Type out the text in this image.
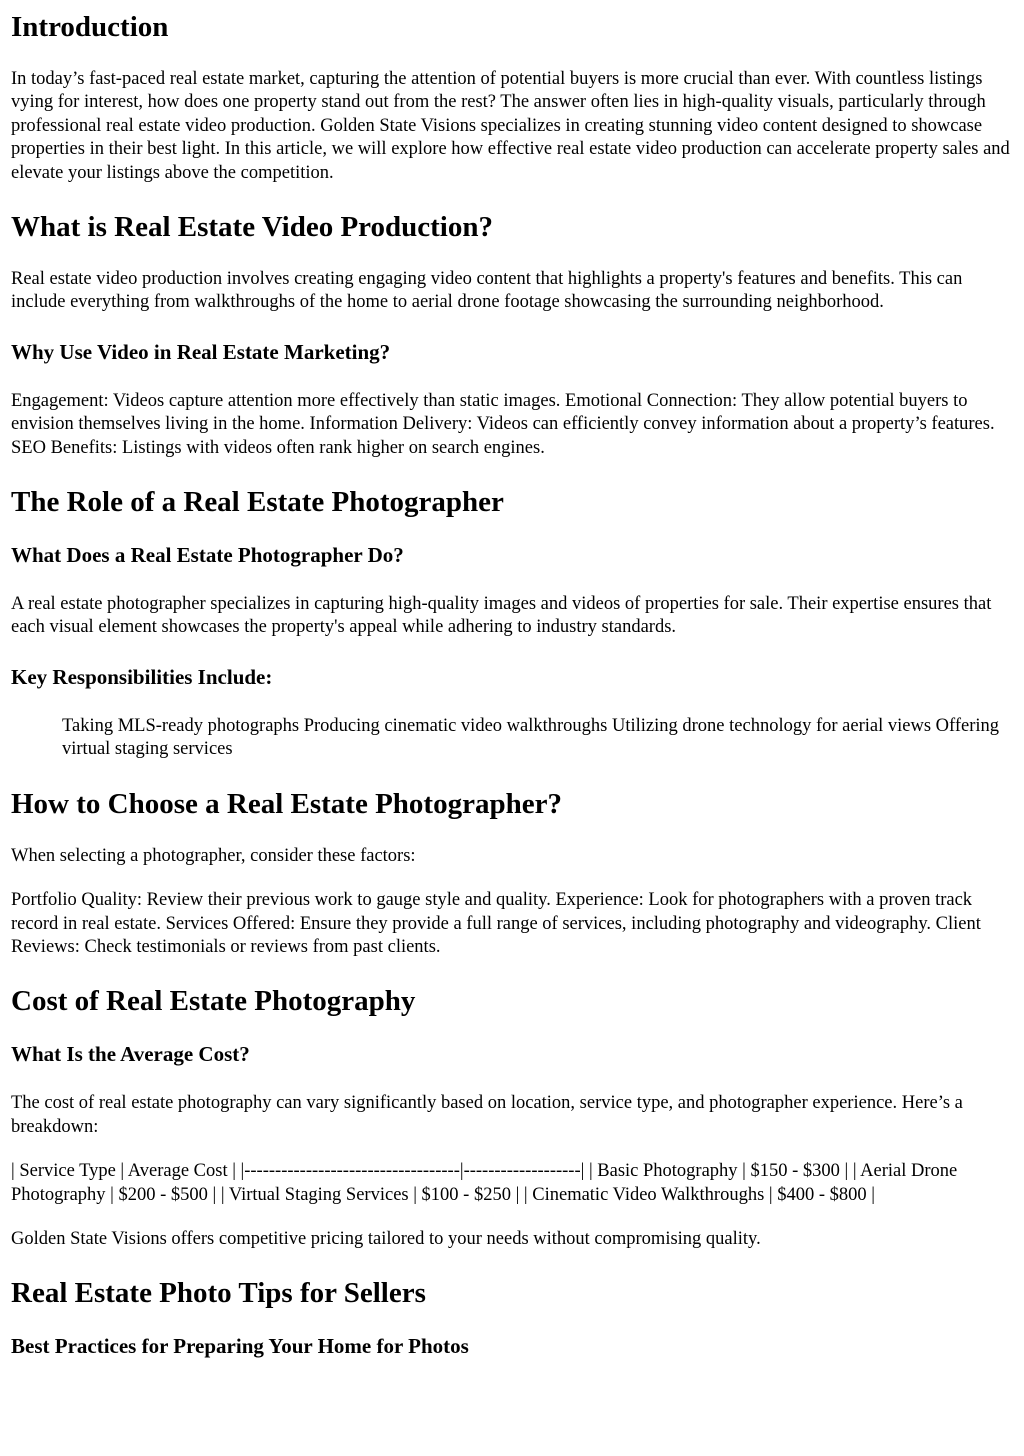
Introduction

In today’s fast-paced real estate market, capturing the attention of potential buyers is more crucial than ever. With countless listings vying for interest, how does one property stand out from the rest? The answer often lies in high-quality visuals, particularly through professional real estate video production. Golden State Visions specializes in creating stunning video content designed to showcase properties in their best light. In this article, we will explore how effective real estate video production can accelerate property sales and elevate your listings above the competition.

What is Real Estate Video Production?

Real estate video production involves creating engaging video content that highlights a property's features and benefits. This can include everything from walkthroughs of the home to aerial drone footage showcasing the surrounding neighborhood.

Why Use Video in Real Estate Marketing?

Engagement: Videos capture attention more effectively than static images. Emotional Connection: They allow potential buyers to envision themselves living in the home. Information Delivery: Videos can efficiently convey information about a property’s features. SEO Benefits: Listings with videos often rank higher on search engines.

The Role of a Real Estate Photographer
What Does a Real Estate Photographer Do?

A real estate photographer specializes in capturing high-quality images and videos of properties for sale. Their expertise ensures that each visual element showcases the property's appeal while adhering to industry standards.

Key Responsibilities Include:
Taking MLS-ready photographs Producing cinematic video walkthroughs Utilizing drone technology for aerial views Offering virtual staging services
How to Choose a Real Estate Photographer?

When selecting a photographer, consider these factors:

Portfolio Quality: Review their previous work to gauge style and quality. Experience: Look for photographers with a proven track record in real estate. Services Offered: Ensure they provide a full range of services, including photography and videography. Client Reviews: Check testimonials or reviews from past clients.

Cost of Real Estate Photography
What Is the Average Cost?

The cost of real estate photography can vary significantly based on location, service type, and photographer experience. Here’s a breakdown:

| Service Type | Average Cost | |-----------------------------------|-------------------| | Basic Photography | $150 - $300 | | Aerial Drone Photography | $200 - $500 | | Virtual Staging Services | $100 - $250 | | Cinematic Video Walkthroughs | $400 - $800 |

Golden State Visions offers competitive pricing tailored to your needs without compromising quality.

Real Estate Photo Tips for Sellers
Best Practices for Preparing Your Home for Photos
